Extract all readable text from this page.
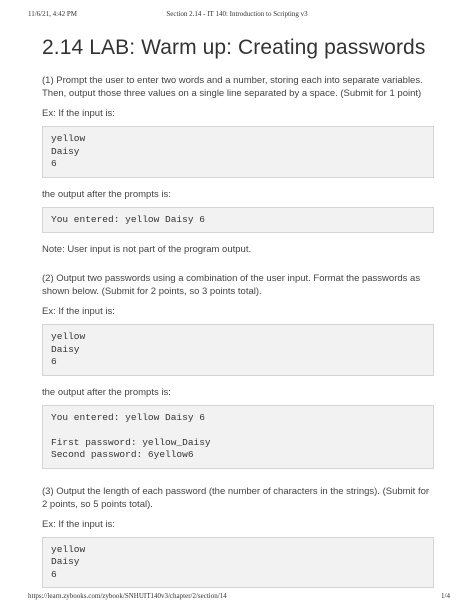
11/6/21, 4:42 PM	Section 2.14 - IT 140: Introduction to Scripting v3
2.14 LAB: Warm up: Creating passwords

(1) Prompt the user to enter two words and a number, storing each into separate variables. Then, output those three values on a single line separated by a space. (Submit for 1 point)

Ex: If the input is:

yellow
Daisy
6

the output after the prompts is:

You entered: yellow Daisy 6

Note: User input is not part of the program output.

(2) Output two passwords using a combination of the user input. Format the passwords as shown below. (Submit for 2 points, so 3 points total).

Ex: If the input is:

yellow
Daisy
6

the output after the prompts is:

You entered: yellow Daisy 6

First password: yellow_Daisy
Second password: 6yellow6

(3) Output the length of each password (the number of characters in the strings). (Submit for 2 points, so 5 points total).

Ex: If the input is:

yellow
Daisy
6
https://learn.zybooks.com/zybook/SNHUIT140v3/chapter/2/section/14	1/4
